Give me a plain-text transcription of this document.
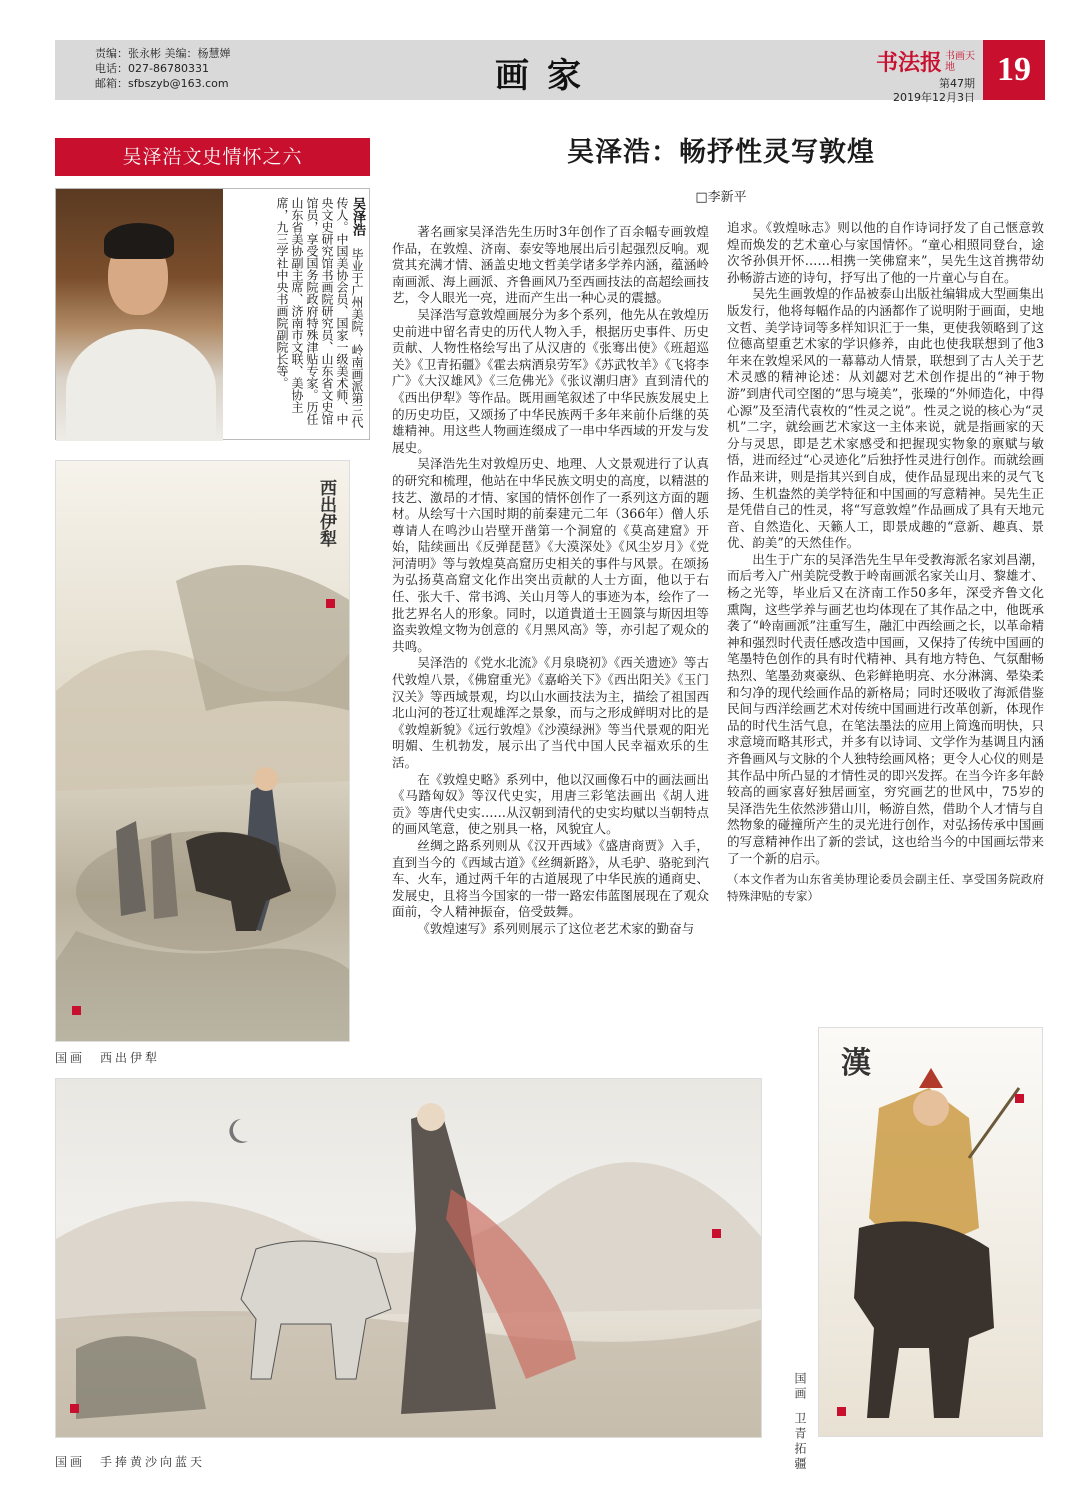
责编：张永彬 美编：杨慧婵
电话：027-86780331
邮箱：sfbszyb@163.com	画家	书法报 书画天地
第47期
2019年12月3日
19
吴泽浩文史情怀之六
吴泽浩　毕业于广州美院，岭南画派第三代传人。中国美协会员、国家一级美术师、中央文史研究馆书画院研究员、山东省文史馆馆员，享受国务院政府特殊津贴专家。历任山东省美协副主席、济南市文联、美协主席，九三学社中央书画院副院长等。
西出伊犁
国画　西出伊犁
国画　手捧黄沙向蓝天
漢
国画
卫青拓疆
吴泽浩：畅抒性灵写敦煌
□李新平

著名画家吴泽浩先生历时3年创作了百余幅专画敦煌作品，在敦煌、济南、泰安等地展出后引起强烈反响。观赏其充满才情、涵盖史地文哲美学诸多学养内涵，蕴涵岭南画派、海上画派、齐鲁画风乃至西画技法的高超绘画技艺，令人眼光一亮，进而产生出一种心灵的震撼。

吴泽浩写意敦煌画展分为多个系列，他先从在敦煌历史前进中留名青史的历代人物入手，根据历史事件、历史贡献、人物性格绘写出了从汉唐的《张骞出使》《班超巡关》《卫青拓疆》《霍去病酒泉劳军》《苏武牧羊》《飞将李广》《大汉雄风》《三危佛光》《张议潮归唐》直到清代的《西出伊犁》等作品。既用画笔叙述了中华民族发展史上的历史功臣，又颂扬了中华民族两千多年来前仆后继的英雄精神。用这些人物画连缀成了一串中华西域的开发与发展史。

吴泽浩先生对敦煌历史、地理、人文景观进行了认真的研究和梳理，他站在中华民族文明史的高度，以精湛的技艺、激昂的才情、家国的情怀创作了一系列这方面的题材。从绘写十六国时期的前秦建元二年（366年）僧人乐尊请人在鸣沙山岩壁开凿第一个洞窟的《莫高建窟》开始，陆续画出《反弹琵琶》《大漠深处》《风尘岁月》《党河清明》等与敦煌莫高窟历史相关的事件与风景。在颂扬为弘扬莫高窟文化作出突出贡献的人士方面，他以于右任、张大千、常书鸿、关山月等人的事迹为本，绘作了一批艺界名人的形象。同时，以道貴道士王圆箓与斯因坦等盗卖敦煌文物为创意的《月黑风高》等，亦引起了观众的共鸣。

吴泽浩的《党水北流》《月泉晓初》《西关遗迹》等古代敦煌八景，《佛窟重光》《嘉峪关下》《西出阳关》《玉门汉关》等西域景观，均以山水画技法为主，描绘了祖国西北山河的苍辽壮观雄浑之景象，而与之形成鲜明对比的是《敦煌新貌》《远行敦煌》《沙漠绿洲》等当代景观的阳光明媚、生机勃发，展示出了当代中国人民幸福欢乐的生活。

在《敦煌史略》系列中，他以汉画像石中的画法画出《马踏匈奴》等汉代史实，用唐三彩笔法画出《胡人进贡》等唐代史实……从汉朝到清代的史实均赋以当朝特点的画风笔意，使之别具一格，风貌宜人。

丝绸之路系列则从《汉开西域》《盛唐商贾》入手，直到当今的《西域古道》《丝绸新路》，从毛驴、骆驼到汽车、火车，通过两千年的古道展现了中华民族的通商史、发展史，且将当今国家的一带一路宏伟蓝图展现在了观众面前，令人精神振奋，倍受鼓舞。

《敦煌速写》系列则展示了这位老艺术家的勤奋与

追求。《敦煌咏志》则以他的自作诗词抒发了自己惬意敦煌而焕发的艺术童心与家国情怀。“童心相照同登台，途次爷孙俱开怀……相携一笑佛窟来”，吴先生这首携带幼孙畅游古迹的诗句，抒写出了他的一片童心与自在。

吴先生画敦煌的作品被泰山出版社编辑成大型画集出版发行，他将每幅作品的内涵都作了说明附于画面，史地文哲、美学诗词等多样知识汇于一集，更使我领略到了这位德高望重艺术家的学识修养，由此也使我联想到了他3年来在敦煌采风的一幕幕动人情景，联想到了古人关于艺术灵感的精神论述：从刘勰对艺术创作提出的“神于物游”到唐代司空图的“思与境美”，张璪的“外师造化，中得心源”及至清代袁枚的“性灵之说”。性灵之说的核心为“灵机”二字，就绘画艺术家这一主体来说，就是指画家的天分与灵思，即是艺术家感受和把握现实物象的禀赋与敏悟，进而经过“心灵迹化”后独抒性灵进行创作。而就绘画作品来讲，则是指其兴到自成，使作品显现出来的灵气飞扬、生机盎然的美学特征和中国画的写意精神。吴先生正是凭借自己的性灵，将“写意敦煌”作品画成了具有天地元音、自然造化、天籁人工，即景成趣的“意新、趣真、景优、韵美”的天然佳作。

出生于广东的吴泽浩先生早年受教海派名家刘昌潮，而后考入广州美院受教于岭南画派名家关山月、黎雄才、杨之光等，毕业后又在济南工作50多年，深受齐鲁文化熏陶，这些学养与画艺也均体现在了其作品之中，他既承袭了“岭南画派”注重写生，融汇中西绘画之长，以革命精神和强烈时代责任感改造中国画，又保持了传统中国画的笔墨特色创作的具有时代精神、具有地方特色、气氛酣畅热烈、笔墨劲爽豪纵、色彩鲜艳明亮、水分淋漓、晕染柔和匀净的现代绘画作品的新格局；同时还吸收了海派借鉴民间与西洋绘画艺术对传统中国画进行改革创新，体现作品的时代生活气息，在笔法墨法的应用上简逸而明快，只求意境而略其形式，并多有以诗词、文学作为基调且内涵齐鲁画风与文脉的个人独特绘画风格；更令人心仪的则是其作品中所凸显的才情性灵的即兴发挥。在当今许多年龄较高的画家喜好独居画室，穷究画艺的世风中，75岁的吴泽浩先生依然涉猎山川，畅游自然，借助个人才情与自然物象的碰撞所产生的灵光进行创作，对弘扬传承中国画的写意精神作出了新的尝试，这也给当今的中国画坛带来了一个新的启示。

（本文作者为山东省美协理论委员会副主任、享受国务院政府特殊津贴的专家）
